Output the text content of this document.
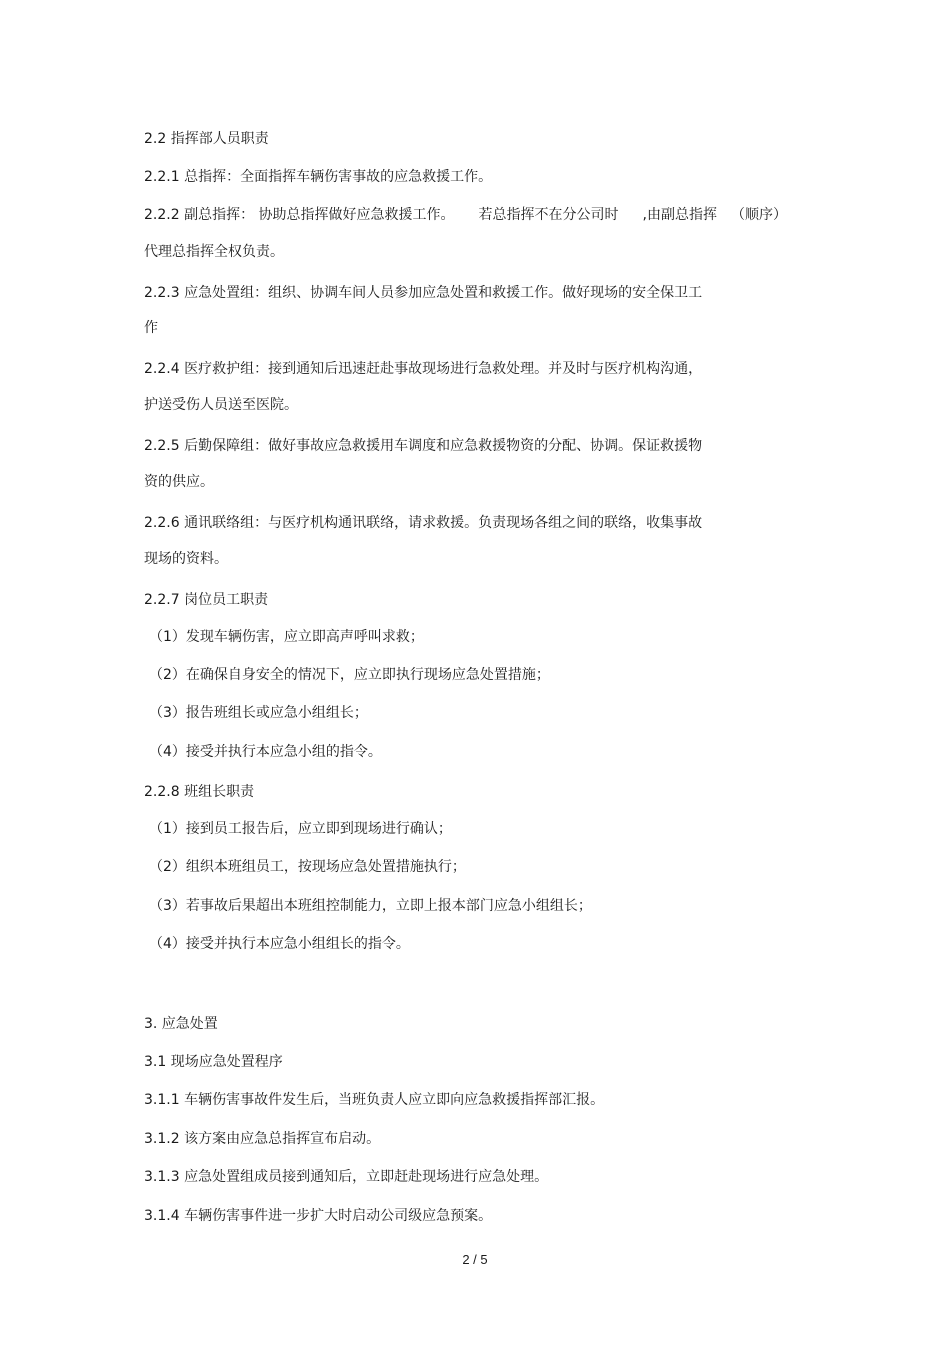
2.2 指挥部人员职责
2.2.1 总指挥：全面指挥车辆伤害事故的应急救援工作。
2.2.2 副总指挥： 协助总指挥做好应急救援工作。 若总指挥不在分公司时 ,由副总指挥 （顺序）
代理总指挥全权负责。
2.2.3 应急处置组：组织、协调车间人员参加应急处置和救援工作。做好现场的安全保卫工
作
2.2.4 医疗救护组：接到通知后迅速赶赴事故现场进行急救处理。并及时与医疗机构沟通，
护送受伤人员送至医院。
2.2.5 后勤保障组：做好事故应急救援用车调度和应急救援物资的分配、协调。保证救援物
资的供应。
2.2.6 通讯联络组：与医疗机构通讯联络，请求救援。负责现场各组之间的联络，收集事故
现场的资料。
2.2.7 岗位员工职责
（1）发现车辆伤害，应立即高声呼叫求救；
（2）在确保自身安全的情况下，应立即执行现场应急处置措施；
（3）报告班组长或应急小组组长；
（4）接受并执行本应急小组的指令。
2.2.8 班组长职责
（1）接到员工报告后，应立即到现场进行确认；
（2）组织本班组员工，按现场应急处置措施执行；
（3）若事故后果超出本班组控制能力，立即上报本部门应急小组组长；
（4）接受并执行本应急小组组长的指令。
3. 应急处置
3.1 现场应急处置程序
3.1.1 车辆伤害事故件发生后，当班负责人应立即向应急救援指挥部汇报。
3.1.2 该方案由应急总指挥宣布启动。
3.1.3 应急处置组成员接到通知后，立即赶赴现场进行应急处理。
3.1.4 车辆伤害事件进一步扩大时启动公司级应急预案。
2 / 5
